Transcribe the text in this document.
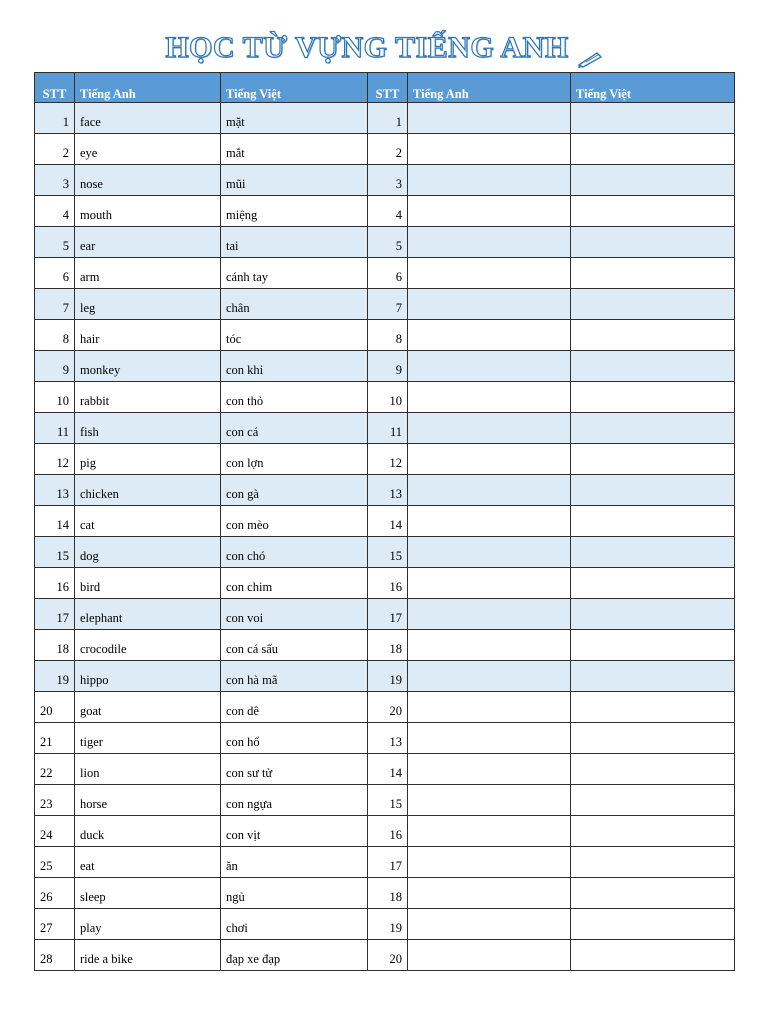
HỌC TỪ VỰNG TIẾNG ANH
STT	Tiếng Anh	Tiếng Việt	STT	Tiếng Anh	Tiếng Việt
1	face	mặt	1		
2	eye	mắt	2		
3	nose	mũi	3		
4	mouth	miệng	4		
5	ear	tai	5		
6	arm	cánh tay	6		
7	leg	chân	7		
8	hair	tóc	8		
9	monkey	con khỉ	9		
10	rabbit	con thỏ	10		
11	fish	con cá	11		
12	pig	con lợn	12		
13	chicken	con gà	13		
14	cat	con mèo	14		
15	dog	con chó	15		
16	bird	con chim	16		
17	elephant	con voi	17		
18	crocodile	con cá sấu	18		
19	hippo	con hà mã	19		
20	goat	con dê	20		
21	tiger	con hổ	13		
22	lion	con sư tử	14		
23	horse	con ngựa	15		
24	duck	con vịt	16		
25	eat	ăn	17		
26	sleep	ngủ	18		
27	play	chơi	19		
28	ride a bike	đạp xe đạp	20		
